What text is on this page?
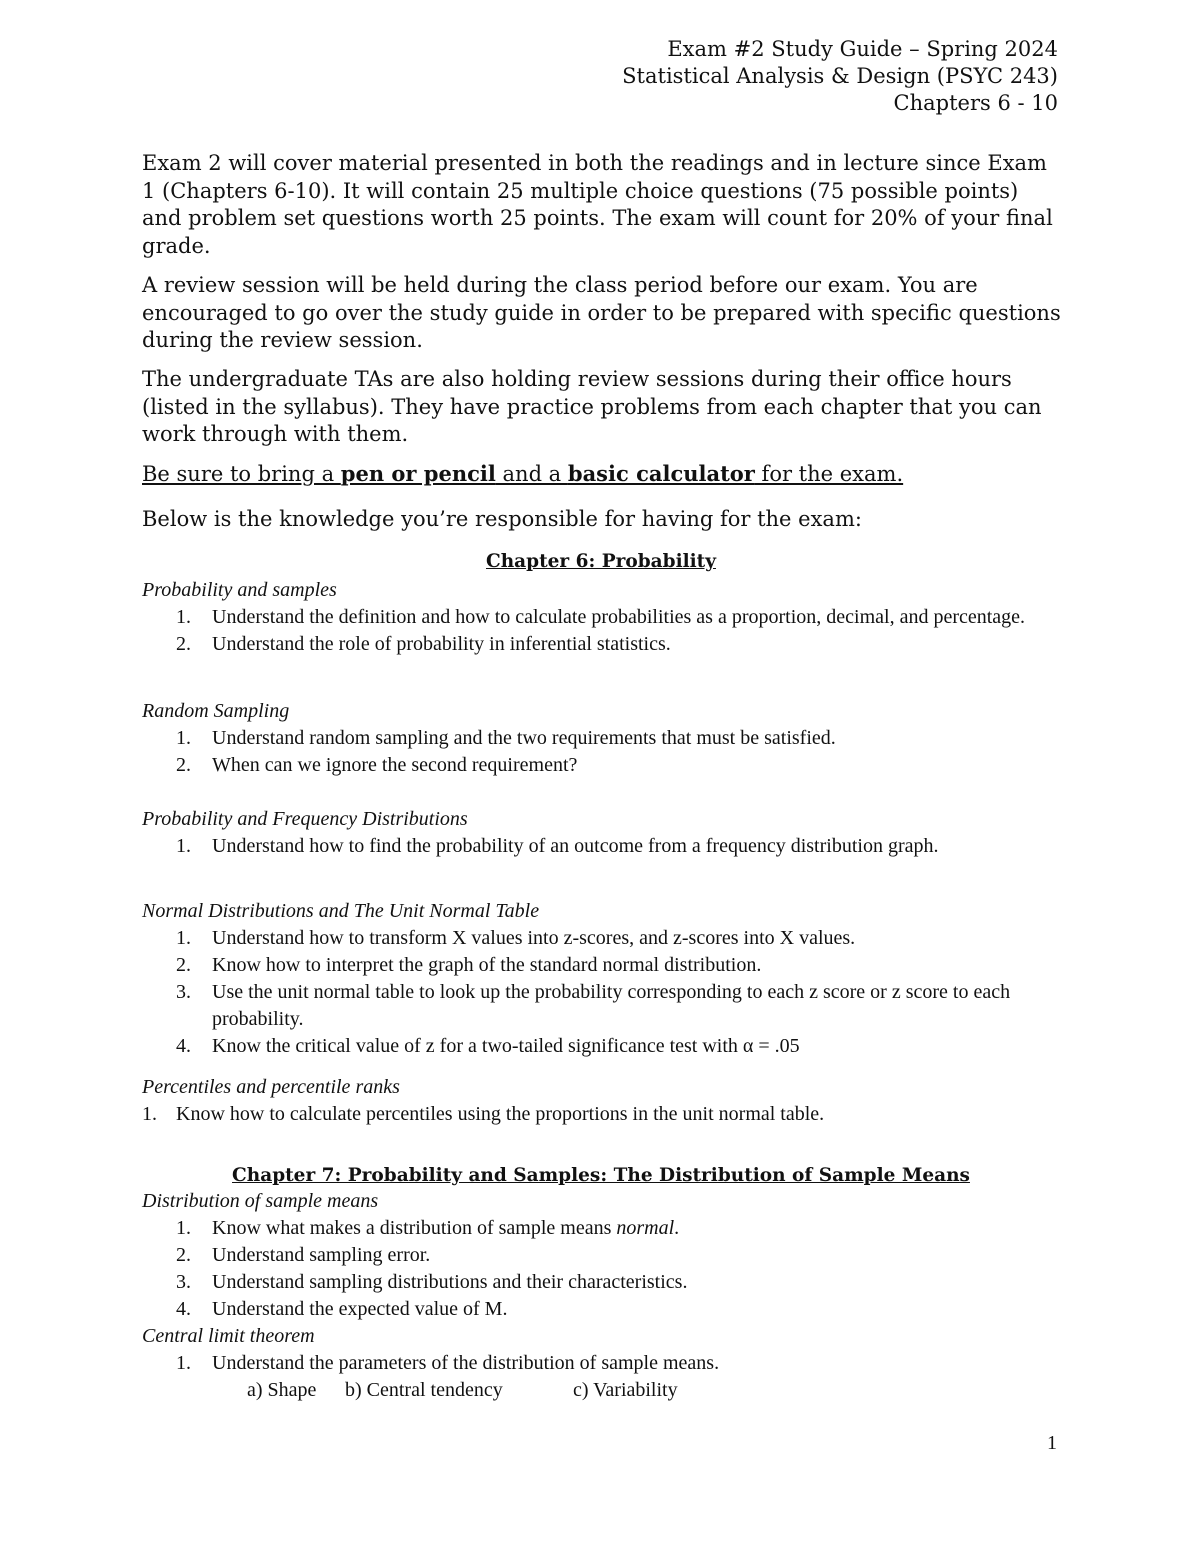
Exam #2 Study Guide – Spring 2024
Statistical Analysis & Design (PSYC 243)
Chapters 6 - 10

Exam 2 will cover material presented in both the readings and in lecture since Exam 1 (Chapters 6-10). It will contain 25 multiple choice questions (75 possible points) and problem set questions worth 25 points. The exam will count for 20% of your final grade.

A review session will be held during the class period before our exam. You are encouraged to go over the study guide in order to be prepared with specific questions during the review session.

The undergraduate TAs are also holding review sessions during their office hours (listed in the syllabus). They have practice problems from each chapter that you can work through with them.

Be sure to bring a pen or pencil and a basic calculator for the exam.

Below is the knowledge you’re responsible for having for the exam:

Chapter 6: Probability
Probability and samples
1. Understand the definition and how to calculate probabilities as a proportion, decimal, and percentage.
2. Understand the role of probability in inferential statistics.
Random Sampling
1. Understand random sampling and the two requirements that must be satisfied.
2. When can we ignore the second requirement?
Probability and Frequency Distributions
1. Understand how to find the probability of an outcome from a frequency distribution graph.
Normal Distributions and The Unit Normal Table
1. Understand how to transform X values into z-scores, and z-scores into X values.
2. Know how to interpret the graph of the standard normal distribution.
3. Use the unit normal table to look up the probability corresponding to each z score or z score to each probability.
4. Know the critical value of z for a two-tailed significance test with α = .05
Percentiles and percentile ranks
1. Know how to calculate percentiles using the proportions in the unit normal table.
Chapter 7: Probability and Samples: The Distribution of Sample Means
Distribution of sample means
1. Know what makes a distribution of sample means normal.
2. Understand sampling error.
3. Understand sampling distributions and their characteristics.
4. Understand the expected value of M.
Central limit theorem
1. Understand the parameters of the distribution of sample means.
a) Shape	b) Central tendency	c) Variability
1
